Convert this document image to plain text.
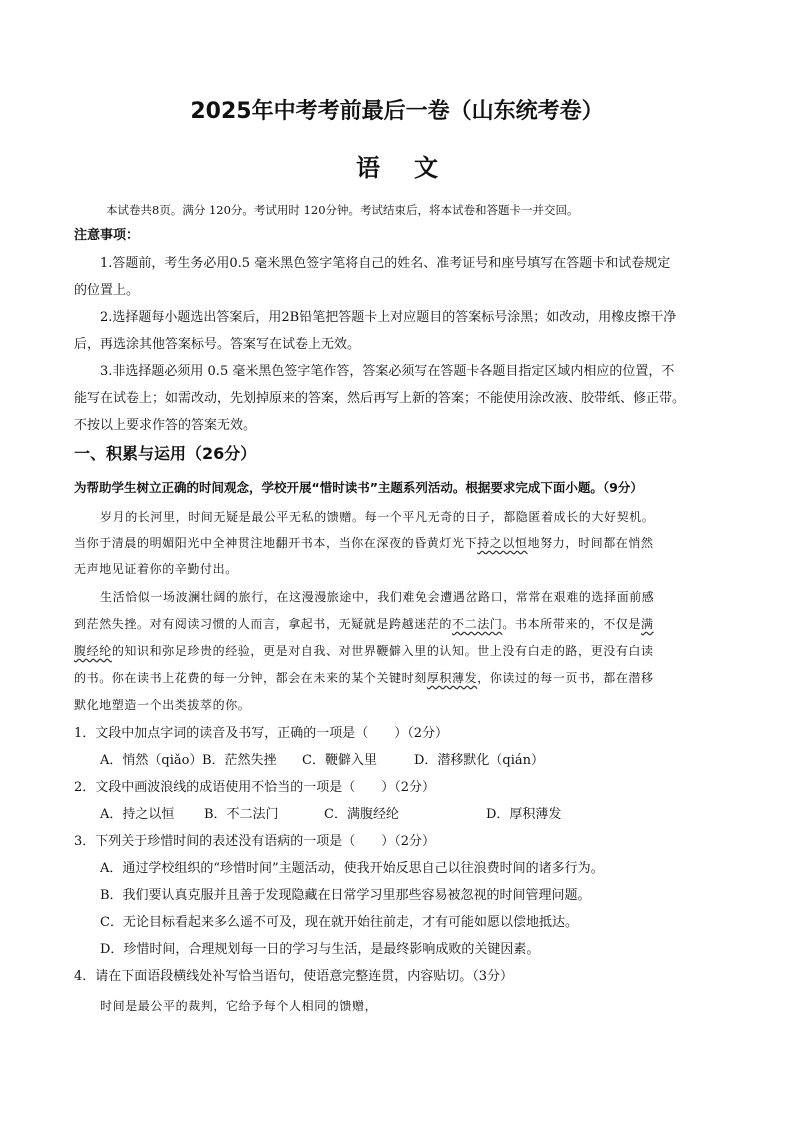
2025年中考考前最后一卷（山东统考卷）
语 文
本试卷共8页。满分 120分。考试用时 120分钟。考试结束后，将本试卷和答题卡一并交回。
注意事项：
1.答题前，考生务必用0.5 毫米黑色签字笔将自己的姓名、准考证号和座号填写在答题卡和试卷规定
的位置上。
2.选择题每小题选出答案后，用2B铅笔把答题卡上对应题目的答案标号涂黑；如改动，用橡皮擦干净
后，再选涂其他答案标号。答案写在试卷上无效。
3.非选择题必须用 0.5 毫米黑色签字笔作答，答案必须写在答题卡各题目指定区域内相应的位置，不
能写在试卷上；如需改动，先划掉原来的答案，然后再写上新的答案；不能使用涂改液、胶带纸、修正带。
不按以上要求作答的答案无效。
一、积累与运用（26分）
为帮助学生树立正确的时间观念，学校开展“惜时读书”主题系列活动。根据要求完成下面小题。（9分）
岁月的长河里，时间无疑是最公平无私的馈赠。每一个平凡无奇的日子，都隐匿着成长的大好契机。
当你于清晨的明媚阳光中全神贯注地翻开书本，当你在深夜的昏黄灯光下持之以恒地努力，时间都在悄然
无声地见证着你的辛勤付出。
生活恰似一场波澜壮阔的旅行，在这漫漫旅途中，我们难免会遭遇岔路口，常常在艰难的选择面前感
到茫然失挫。对有阅读习惯的人而言，拿起书，无疑就是跨越迷茫的不二法门。书本所带来的，不仅是满
腹经纶的知识和弥足珍贵的经验，更是对自我、对世界鞭僻入里的认知。世上没有白走的路，更没有白读
的书。你在读书上花费的每一分钟，都会在未来的某个关键时刻厚积薄发，你读过的每一页书，都在潜移
默化地塑造一个出类拔萃的你。
1．文段中加点字词的读音及书写，正确的一项是（　　）（2分）
A．悄然（qiǎo）B．茫然失挫 C．鞭僻入里	D．潜移默化（qián）
2．文段中画波浪线的成语使用不恰当的一项是（　　）（2分）
A．持之以恒 B．不二法门	C．满腹经纶	D．厚积薄发
3．下列关于珍惜时间的表述没有语病的一项是（　　）（2分）
A．通过学校组织的“珍惜时间”主题活动，使我开始反思自己以往浪费时间的诸多行为。
B．我们要认真克服并且善于发现隐藏在日常学习里那些容易被忽视的时间管理问题。
C．无论目标看起来多么遥不可及，现在就开始往前走，才有可能如愿以偿地抵达。
D．珍惜时间，合理规划每一日的学习与生活，是最终影响成败的关键因素。
4．请在下面语段横线处补写恰当语句，使语意完整连贯，内容贴切。（3分）
时间是最公平的裁判，它给予每个人相同的馈赠，
